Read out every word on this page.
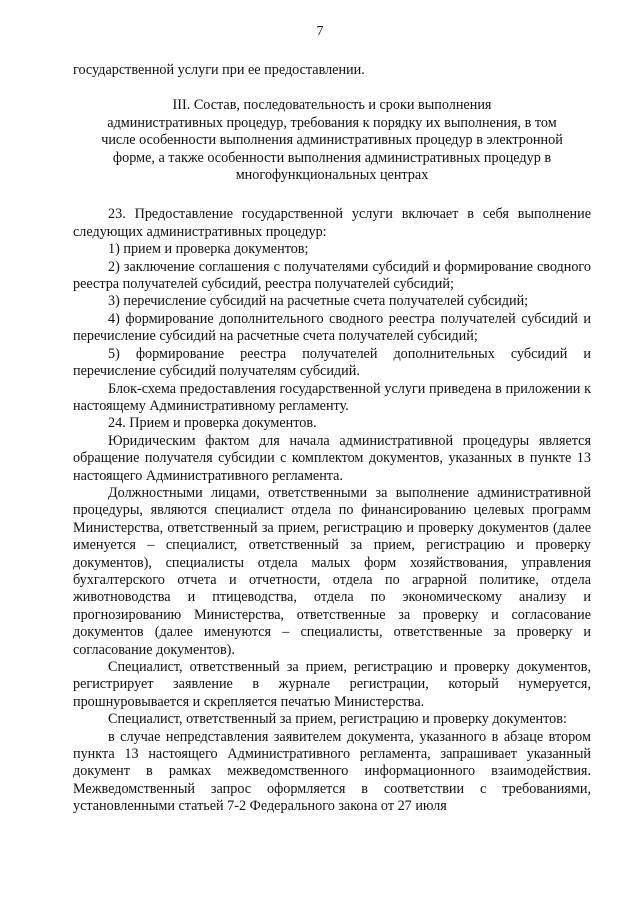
7

государственной услуги при ее предоставлении.

III. Состав, последовательность и сроки выполнения
административных процедур, требования к порядку их выполнения, в том
числе особенности выполнения административных процедур в электронной
форме, а также особенности выполнения административных процедур в
многофункциональных центрах

23. Предоставление государственной услуги включает в себя выполнение следующих административных процедур:

1) прием и проверка документов;

2) заключение соглашения с получателями субсидий и формирование сводного реестра получателей субсидий, реестра получателей субсидий;

3) перечисление субсидий на расчетные счета получателей субсидий;

4) формирование дополнительного сводного реестра получателей субсидий и перечисление субсидий на расчетные счета получателей субсидий;

5) формирование реестра получателей дополнительных субсидий и перечисление субсидий получателям субсидий.

Блок-схема предоставления государственной услуги приведена в приложении к настоящему Административному регламенту.

24. Прием и проверка документов.

Юридическим фактом для начала административной процедуры является обращение получателя субсидии с комплектом документов, указанных в пункте 13 настоящего Административного регламента.

Должностными лицами, ответственными за выполнение административной процедуры, являются специалист отдела по финансированию целевых программ Министерства, ответственный за прием, регистрацию и проверку документов (далее именуется – специалист, ответственный за прием, регистрацию и проверку документов), специалисты отдела малых форм хозяйствования, управления бухгалтерского отчета и отчетности, отдела по аграрной политике, отдела животноводства и птицеводства, отдела по экономическому анализу и прогнозированию Министерства, ответственные за проверку и согласование документов (далее именуются – специалисты, ответственные за проверку и согласование документов).

Специалист, ответственный за прием, регистрацию и проверку документов, регистрирует заявление в журнале регистрации, который нумеруется, прошнуровывается и скрепляется печатью Министерства.

Специалист, ответственный за прием, регистрацию и проверку документов:

в случае непредставления заявителем документа, указанного в абзаце втором пункта 13 настоящего Административного регламента, запрашивает указанный документ в рамках межведомственного информационного взаимодействия. Межведомственный запрос оформляется в соответствии с требованиями, установленными статьей 7-2 Федерального закона от 27 июля
